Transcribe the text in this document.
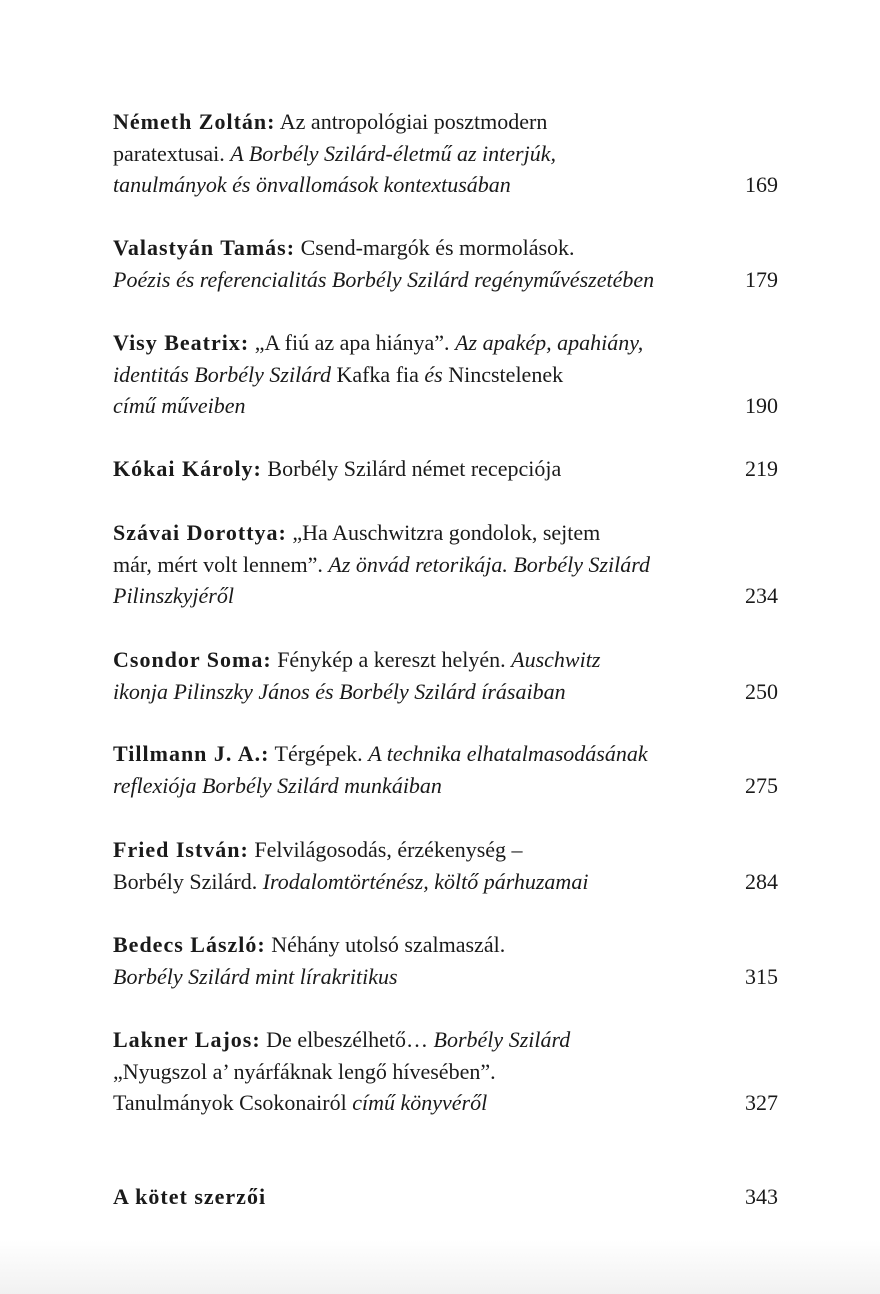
Németh Zoltán: Az antropológiai posztmodern
paratextusai. A Borbély Szilárd-életmű az interjúk,
tanulmányok és önvallomások kontextusában	169
Valastyán Tamás: Csend-margók és mormolások.
Poézis és referencialitás Borbély Szilárd regényművészetében	179
Visy Beatrix: „A fiú az apa hiánya”. Az apakép, apahiány,
identitás Borbély Szilárd Kafka fia és Nincstelenek
című műveiben	190
Kókai Károly: Borbély Szilárd német recepciója	219
Szávai Dorottya: „Ha Auschwitzra gondolok, sejtem
már, mért volt lennem”. Az önvád retorikája. Borbély Szilárd
Pilinszkyjéről	234
Csondor Soma: Fénykép a kereszt helyén. Auschwitz
ikonja Pilinszky János és Borbély Szilárd írásaiban	250
Tillmann J. A.: Térgépek. A technika elhatalmasodásának
reflexiója Borbély Szilárd munkáiban	275
Fried István: Felvilágosodás, érzékenység –
Borbély Szilárd. Irodalomtörténész, költő párhuzamai	284
Bedecs László: Néhány utolsó szalmaszál.
Borbély Szilárd mint lírakritikus	315
Lakner Lajos: De elbeszélhető… Borbély Szilárd
„Nyugszol a’ nyárfáknak lengő hívesében”.
Tanulmányok Csokonairól című könyvéről	327
A kötet szerzői	343
